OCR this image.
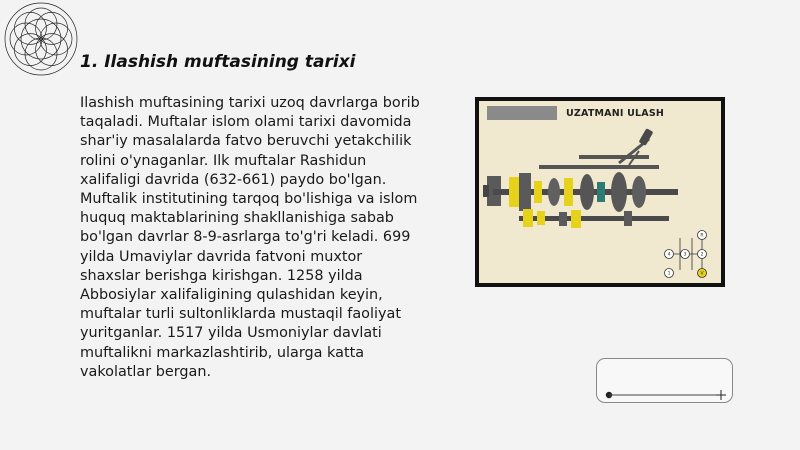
1. Ilashish muftasining tarixi

Ilashish muftasining tarixi uzoq davrlarga borib taqaladi. Muftalar islom olami tarixi davomida shar'iy masalalarda fatvo beruvchi yetakchilik rolini o'ynaganlar. Ilk muftalar Rashidun xalifaligi davrida (632-661) paydo bo'lgan. Muftalik institutining tarqoq bo'lishiga va islom huquq maktablarining shakllanishiga sabab bo'lgan davrlar 8-9-asrlarga to'g'ri keladi. 699 yilda Umaviylar davrida fatvoni muxtor shaxslar berishga kirishgan. 1258 yilda Abbosiylar xalifaligining qulashidan keyin, muftalar turli sultonliklarda mustaqil faoliyat yuritganlar. 1517 yilda Usmoniylar davlati muftalikni markazlashtirib, ularga katta vakolatlar bergan.

R
4	3	2
1	V
UZATMANI ULASH
